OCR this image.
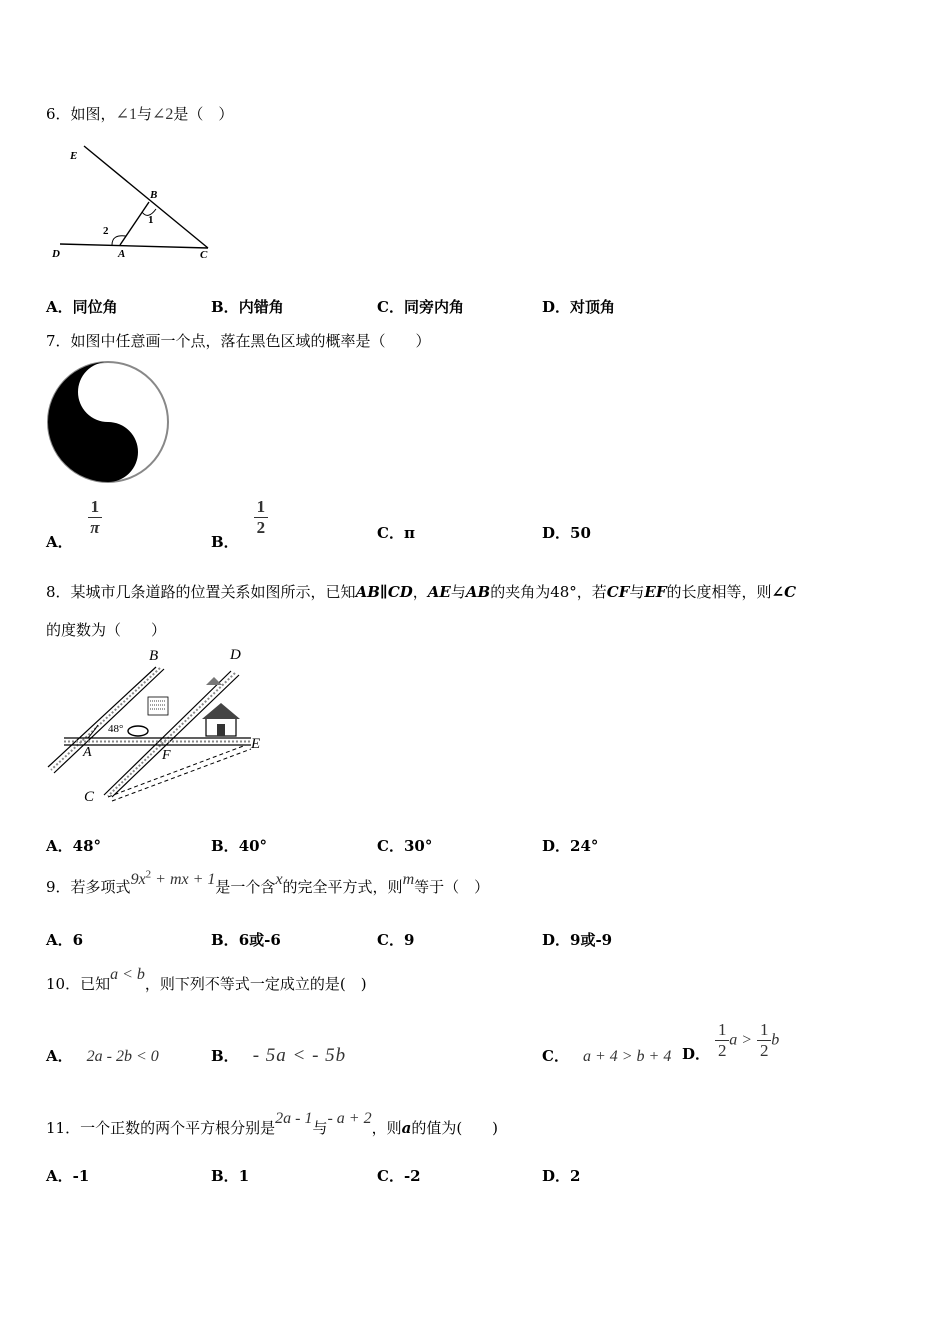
6．如图，∠1与∠2是（　）
E
B
1
2
D	A	C
A．同位角	B．内错角	C．同旁内角	D．对顶角
7．如图中任意画一个点，落在黑色区域的概率是（　　）
A．
$\frac{1}{\pi}$
B．
$\frac{1}{2}$	C．π	D．50
8．某城市几条道路的位置关系如图所示，已知AB∥CD，AE与AB的夹角为48°，若CF与EF的长度相等，则∠C
的度数为（　　）
48°
B	D
A	F
E
C
A．48°	B．40°	C．30°	D．24°
9．若多项式$9x^2$ + mx + 1是一个含x的完全平方式，则m等于（　）
A．6	B．6或-6	C．9	D．9或-9
10．已知a < b，则下列不等式一定成立的是(　)
A． 2a - 2b < 0	B． - 5a < - 5b	C． a + 4 > b + 4 D． $\frac{1}{2}$ $a > \frac{1}{2}$ b
11．一个正数的两个平方根分别是2a - 1与- a + 2，则a的值为(　　)
A．-1	B．1	C．-2	D．2
